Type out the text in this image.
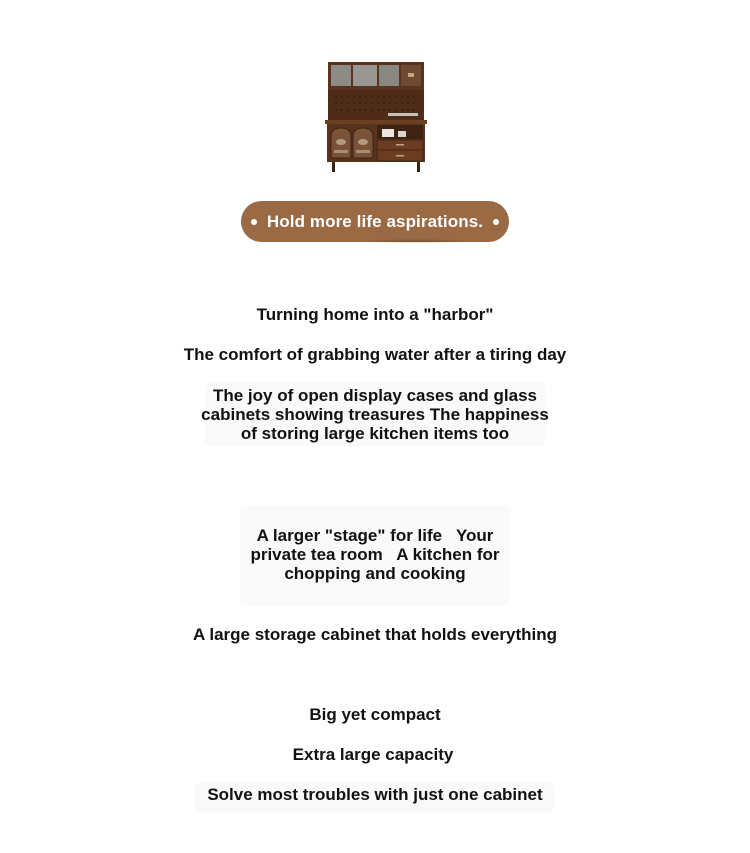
Hold more life aspirations.

Turning home into a "harbor"

The comfort of grabbing water after a tiring day

The joy of open display cases and glass cabinets showing treasures The happiness of storing large kitchen items too

A larger "stage" for life   Your private tea room   A kitchen for chopping and cooking

A large storage cabinet that holds everything

Big yet compact

Extra large capacity

Solve most troubles with just one cabinet
